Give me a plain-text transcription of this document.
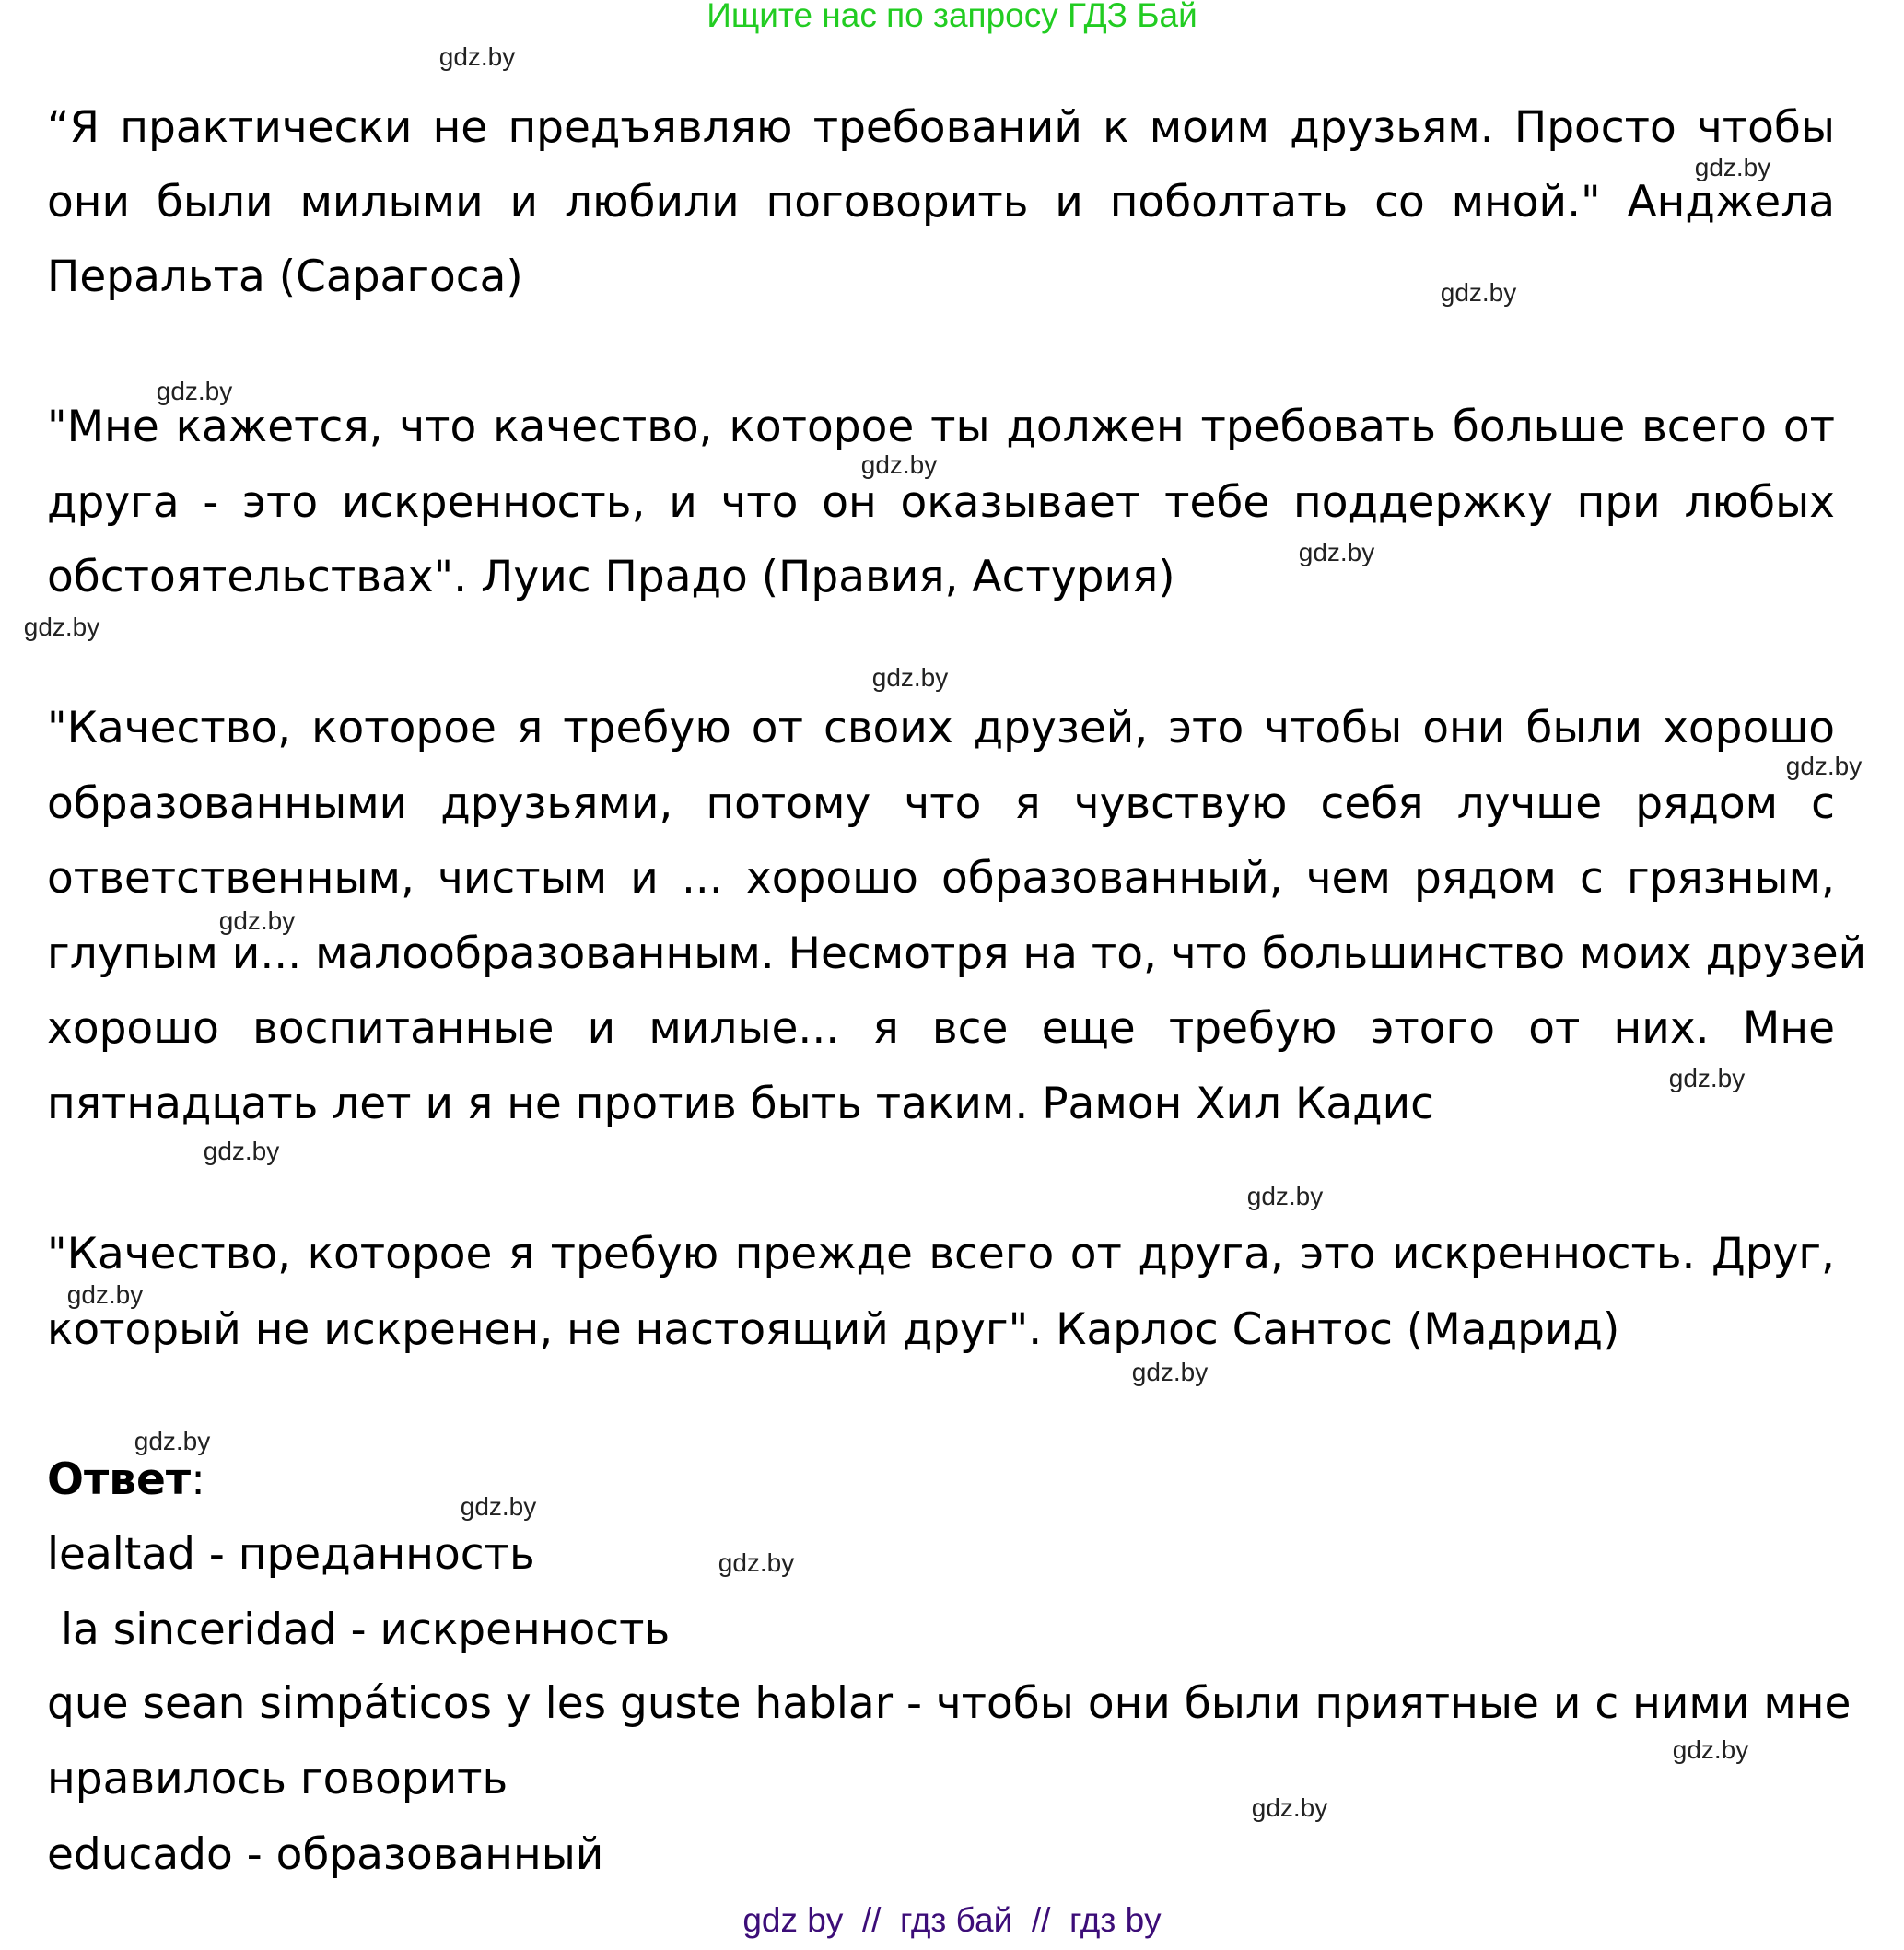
Ищите нас по запросу ГДЗ Бай
“Я практически не предъявляю требований к моим друзьям. Просто чтобы
они были милыми и любили поговорить и поболтать со мной." Анджела
Перальта (Сарагоса)
"Мне кажется, что качество, которое ты должен требовать больше всего от
друга - это искренность, и что он оказывает тебе поддержку при любых
обстоятельствах". Луис Прадо (Правия, Астурия)
"Качество, которое я требую от своих друзей, это чтобы они были хорошо
образованными друзьями, потому что я чувствую себя лучше рядом с
ответственным, чистым и ... хорошо образованный, чем рядом с грязным,
глупым и... малообразованным. Несмотря на то, что большинство моих друзей
хорошо воспитанные и милые... я все еще требую этого от них. Мне
пятнадцать лет и я не против быть таким. Рамон Хил Кадис
"Качество, которое я требую прежде всего от друга, это искренность. Друг,
который не искренен, не настоящий друг". Карлос Сантос (Мадрид)
Ответ:
lealtad - преданность
la sinceridad - искренность
que sean simpáticos y les guste hablar - чтобы они были приятные и с ними мне
нравилось говорить
educado - образованный
gdz.by
gdz.by
gdz.by
gdz.by
gdz.by
gdz.by
gdz.by
gdz.by
gdz.by
gdz.by
gdz.by
gdz.by
gdz.by
gdz.by
gdz.by
gdz.by
gdz.by
gdz.by
gdz.by
gdz.by
gdz by  //  гдз бай  //  гдз by
